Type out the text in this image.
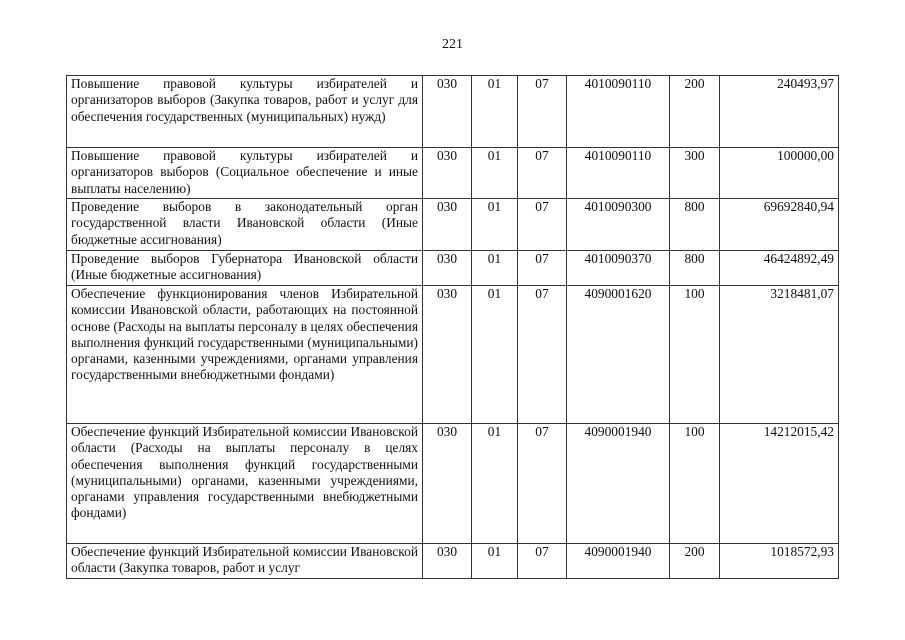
221
Повышение правовой культуры избирателей и организаторов выборов (Закупка товаров, работ и услуг для обеспечения государственных (муниципальных) нужд)	030	01	07	4010090110	200	240493,97
Повышение правовой культуры избирателей и организаторов выборов (Социальное обеспечение и иные выплаты населению)	030	01	07	4010090110	300	100000,00
Проведение выборов в законодательный орган государственной власти Ивановской области (Иные бюджетные ассигнования)	030	01	07	4010090300	800	69692840,94
Проведение выборов Губернатора Ивановской области (Иные бюджетные ассигнования)	030	01	07	4010090370	800	46424892,49
Обеспечение функционирования членов Избирательной комиссии Ивановской области, работающих на постоянной основе (Расходы на выплаты персоналу в целях обеспечения выполнения функций государственными (муниципальными) органами, казенными учреждениями, органами управления государственными внебюджетными фондами)	030	01	07	4090001620	100	3218481,07
Обеспечение функций Избирательной комиссии Ивановской области (Расходы на выплаты персоналу в целях обеспечения выполнения функций государственными (муниципальными) органами, казенными учреждениями, органами управления государственными внебюджетными фондами)	030	01	07	4090001940	100	14212015,42
Обеспечение функций Избирательной комиссии Ивановской области (Закупка товаров, работ и услуг	030	01	07	4090001940	200	1018572,93
